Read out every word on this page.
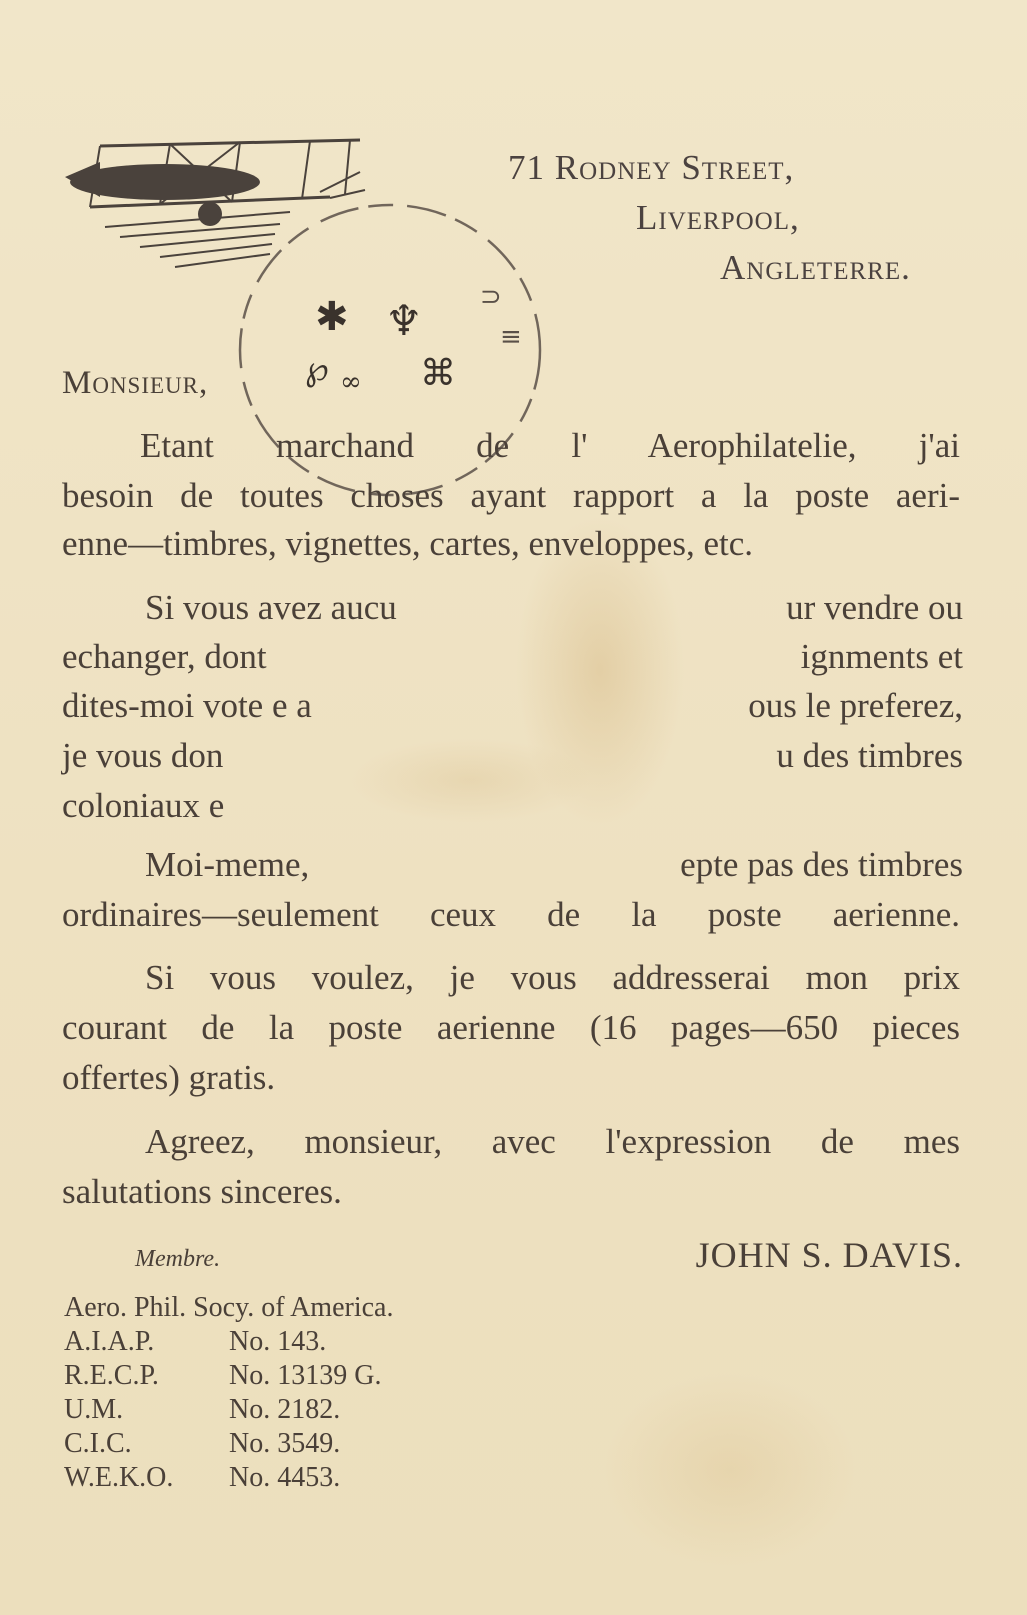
✱ ♆
℘ ∞ ⌘
⊃
≡
71 Rodney Street,
Liverpool,
Angleterre.
Monsieur,
Etant marchand de l' Aerophilatelie, j'ai
besoin de toutes choses ayant rapport a la poste aeri-
enne—timbres, vignettes, cartes, enveloppes, etc.
Si vous avez aucu	ur vendre ou
echanger, dont	ignments et
dites-moi vote e a	ous le preferez,
je vous don	u des timbres
coloniaux e
Moi-meme,	epte pas des timbres
ordinaires—seulement ceux de la poste aerienne.
Si vous voulez, je vous addresserai mon prix
courant de la poste aerienne (16 pages—650 pieces
offertes) gratis.
Agreez, monsieur, avec l'expression de mes
salutations sinceres.
Membre.	JOHN S. DAVIS.
Aero. Phil. Socy. of America.
A.I.A.P.	No. 143.
R.E.C.P.	No. 13139 G.
U.M.	No. 2182.
C.I.C.	No. 3549.
W.E.K.O. No. 4453.
